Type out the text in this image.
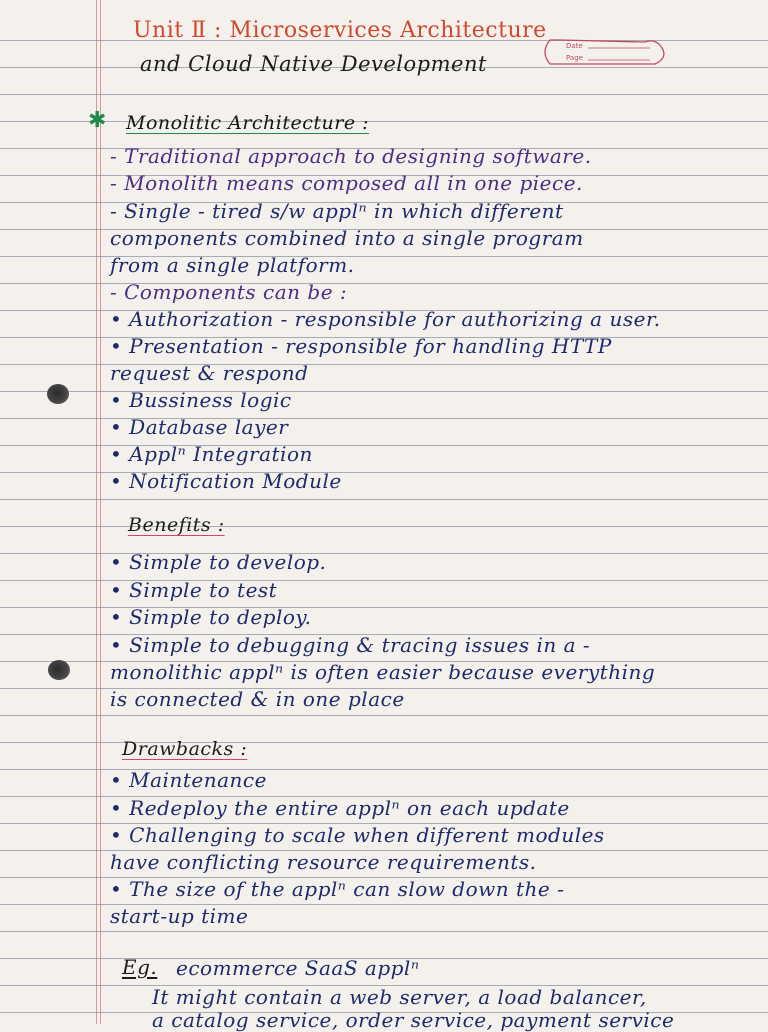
Unit Ⅱ : Microservices Architecture
and Cloud Native Development
Date
Page
✱ Monolitic Architecture :
- Traditional approach to designing software.
- Monolith means composed all in one piece.
- Single - tired s/w applⁿ in which different
components combined into a single program
from a single platform.
- Components can be :
• Authorization - responsible for authorizing a user.
• Presentation - responsible for handling HTTP
request & respond
• Bussiness logic
• Database layer
• Applⁿ Integration
• Notification Module
Benefits :
• Simple to develop.
• Simple to test
• Simple to deploy.
• Simple to debugging & tracing issues in a -
monolithic applⁿ is often easier because everything
is connected & in one place
Drawbacks :
• Maintenance
• Redeploy the entire applⁿ on each update
• Challenging to scale when different modules
have conflicting resource requirements.
• The size of the applⁿ can slow down the -
start-up time
Eg. ecommerce SaaS applⁿ
It might contain a web server, a load balancer,
a catalog service, order service, payment service
